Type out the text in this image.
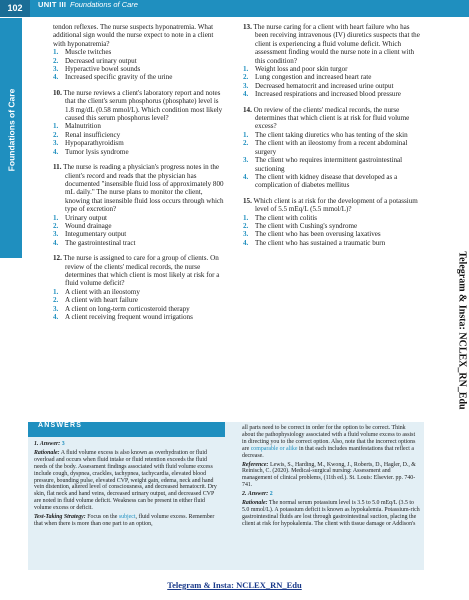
102	UNIT III Foundations of Care
Foundations of Care
tendon reflexes. The nurse suspects hyponatremia. What additional sign would the nurse expect to note in a client with hyponatremia?
1. Muscle twitches
2. Decreased urinary output
3. Hyperactive bowel sounds
4. Increased specific gravity of the urine
10. The nurse reviews a client's laboratory report and notes that the client's serum phosphorus (phosphate) level is 1.8 mg/dL (0.58 mmol/L). Which condition most likely caused this serum phosphorus level?
1. Malnutrition
2. Renal insufficiency
3. Hypoparathyroidism
4. Tumor lysis syndrome
11. The nurse is reading a physician's progress notes in the client's record and reads that the physician has documented "insensible fluid loss of approximately 800 mL daily." The nurse plans to monitor the client, knowing that insensible fluid loss occurs through which type of excretion?
1. Urinary output
2. Wound drainage
3. Integumentary output
4. The gastrointestinal tract
12. The nurse is assigned to care for a group of clients. On review of the clients' medical records, the nurse determines that which client is most likely at risk for a fluid volume deficit?
1. A client with an ileostomy
2. A client with heart failure
3. A client on long-term corticosteroid therapy
4. A client receiving frequent wound irrigations
13. The nurse caring for a client with heart failure who has been receiving intravenous (IV) diuretics suspects that the client is experiencing a fluid volume deficit. Which assessment finding would the nurse note in a client with this condition?
1. Weight loss and poor skin turgor
2. Lung congestion and increased heart rate
3. Decreased hematocrit and increased urine output
4. Increased respirations and increased blood pressure
14. On review of the clients' medical records, the nurse determines that which client is at risk for fluid volume excess?
1. The client taking diuretics who has tenting of the skin
2. The client with an ileostomy from a recent abdominal surgery
3. The client who requires intermittent gastrointestinal suctioning
4. The client with kidney disease that developed as a complication of diabetes mellitus
15. Which client is at risk for the development of a potassium level of 5.5 mEq/L (5.5 mmol/L)?
1. The client with colitis
2. The client with Cushing's syndrome
3. The client who has been overusing laxatives
4. The client who has sustained a traumatic burn
Telegram & Insta: NCLEX_RN_Edu
ANSWERS

1. Answer: 3

Rationale: A fluid volume excess is also known as overhydration or fluid overload and occurs when fluid intake or fluid retention exceeds the fluid needs of the body. Assessment findings associated with fluid volume excess include cough, dyspnea, crackles, tachypnea, tachycardia, elevated blood pressure, bounding pulse, elevated CVP, weight gain, edema, neck and hand vein distention, altered level of consciousness, and decreased hematocrit. Dry skin, flat neck and hand veins, decreased urinary output, and decreased CVP are noted in fluid volume deficit. Weakness can be present in either fluid volume excess or deficit.

Test-Taking Strategy: Focus on the subject, fluid volume excess. Remember that when there is more than one part to an option,

all parts need to be correct in order for the option to be correct. Think about the pathophysiology associated with a fluid volume excess to assist in directing you to the correct option. Also, note that the incorrect options are comparable or alike in that each includes manifestations that reflect a decrease.

Reference: Lewis, S., Harding, M., Kwong, J., Roberts, D., Hagler, D., & Reinisch, C. (2020). Medical-surgical nursing: Assessment and management of clinical problems, (11th ed.). St. Louis: Elsevier. pp. 740-741.

2. Answer: 2

Rationale: The normal serum potassium level is 3.5 to 5.0 mEq/L (3.5 to 5.0 mmol/L). A potassium deficit is known as hypokalemia. Potassium-rich gastrointestinal fluids are lost through gastrointestinal suction, placing the client at risk for hypokalemia. The client with tissue damage or Addison's

Telegram & Insta: NCLEX_RN_Edu
